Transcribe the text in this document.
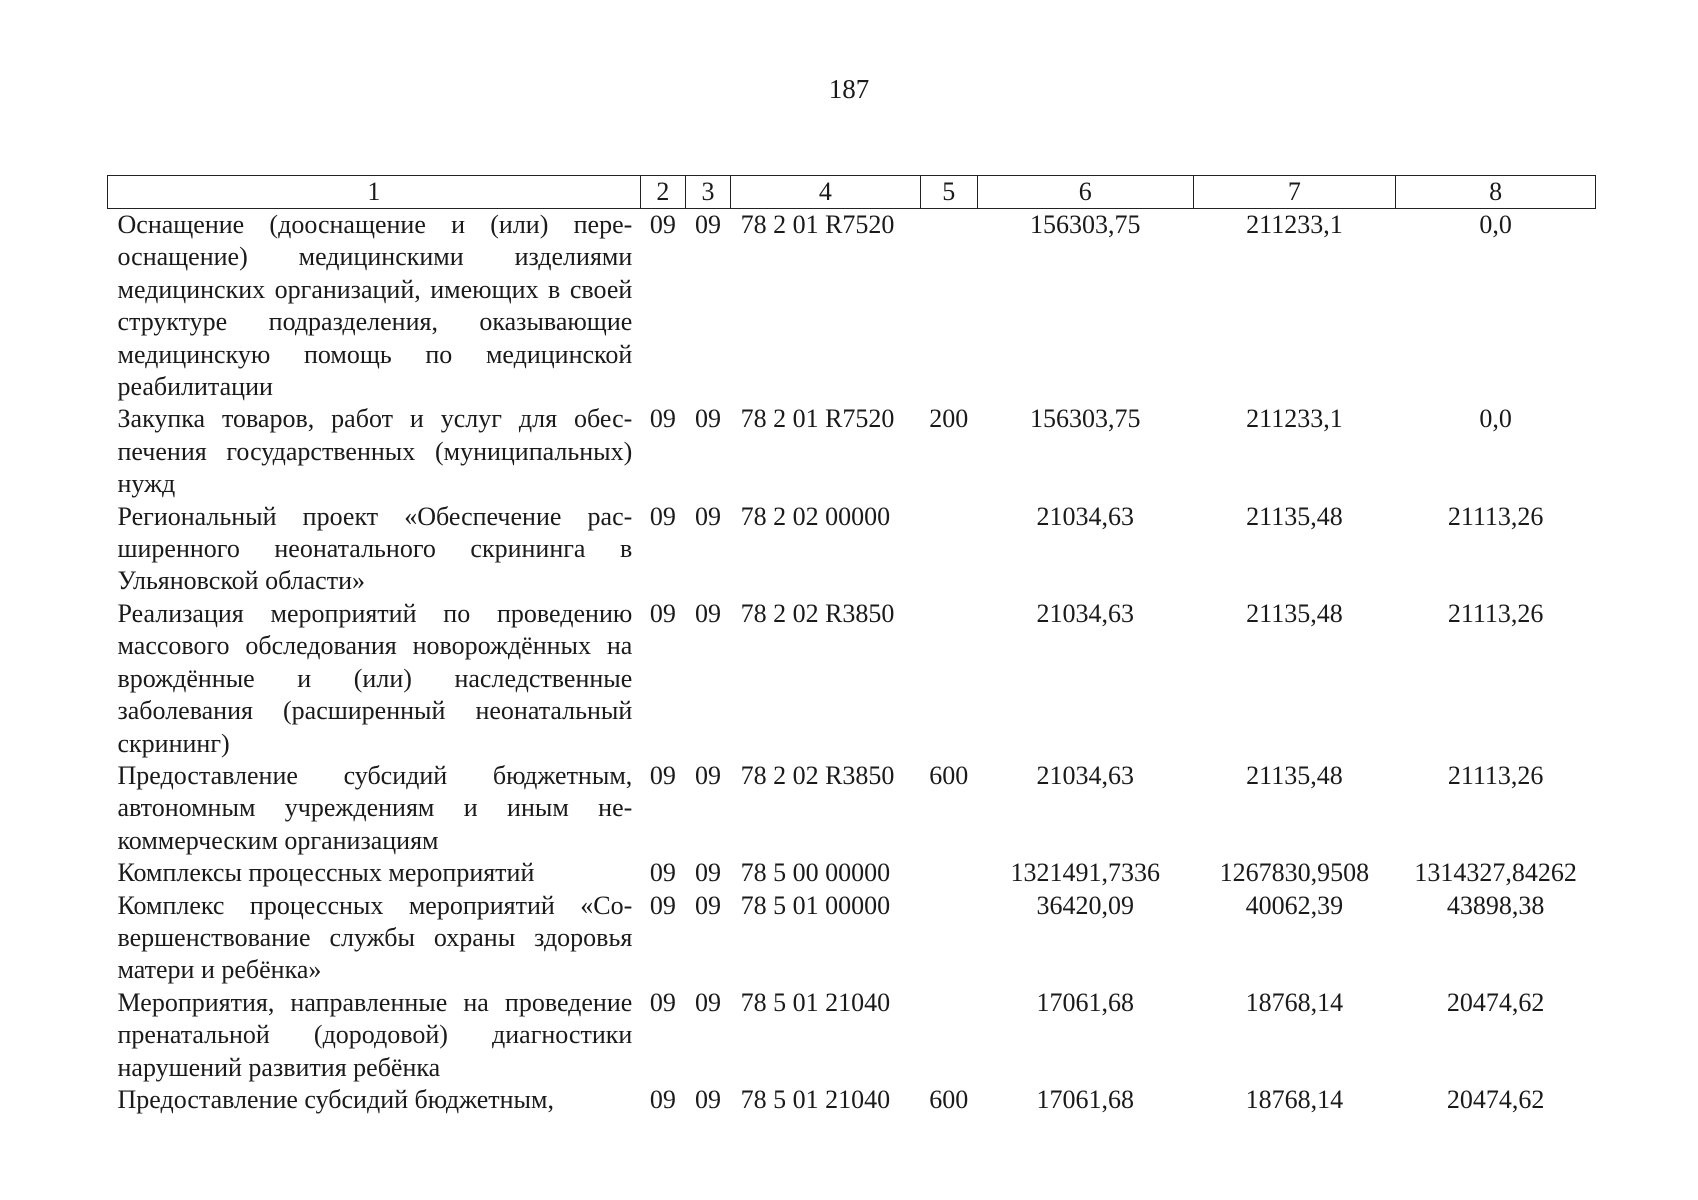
187
1	2	3	4	5	6	7	8
Оснащение (дооснащение и (или) переоснащение) медицинскими изделиями медицинских организаций, имеющих в своей структуре подразделения, оказывающие медицинскую помощь по медицинской реабилитации	09	09	78 2 01 R7520		156303,75	211233,1	0,0
Закупка товаров, работ и услуг для обеспечения государственных (муниципальных) нужд	09	09	78 2 01 R7520	200	156303,75	211233,1	0,0
Региональный проект «Обеспечение расширенного неонатального скрининга в Ульяновской области»	09	09	78 2 02 00000		21034,63	21135,48	21113,26
Реализация мероприятий по проведению массового обследования новорождённых на врождённые и (или) наследственные заболевания (расширенный неонатальный скрининг)	09	09	78 2 02 R3850		21034,63	21135,48	21113,26
Предоставление субсидий бюджетным, автономным учреждениям и иным некоммерческим организациям	09	09	78 2 02 R3850	600	21034,63	21135,48	21113,26
Комплексы процессных мероприятий	09	09	78 5 00 00000		1321491,7336	1267830,9508	1314327,84262
Комплекс процессных мероприятий «Совершенствование службы охраны здоровья матери и ребёнка»	09	09	78 5 01 00000		36420,09	40062,39	43898,38
Мероприятия, направленные на проведение пренатальной (дородовой) диагностики нарушений развития ребёнка	09	09	78 5 01 21040		17061,68	18768,14	20474,62
Предоставление субсидий бюджетным,	09	09	78 5 01 21040	600	17061,68	18768,14	20474,62
